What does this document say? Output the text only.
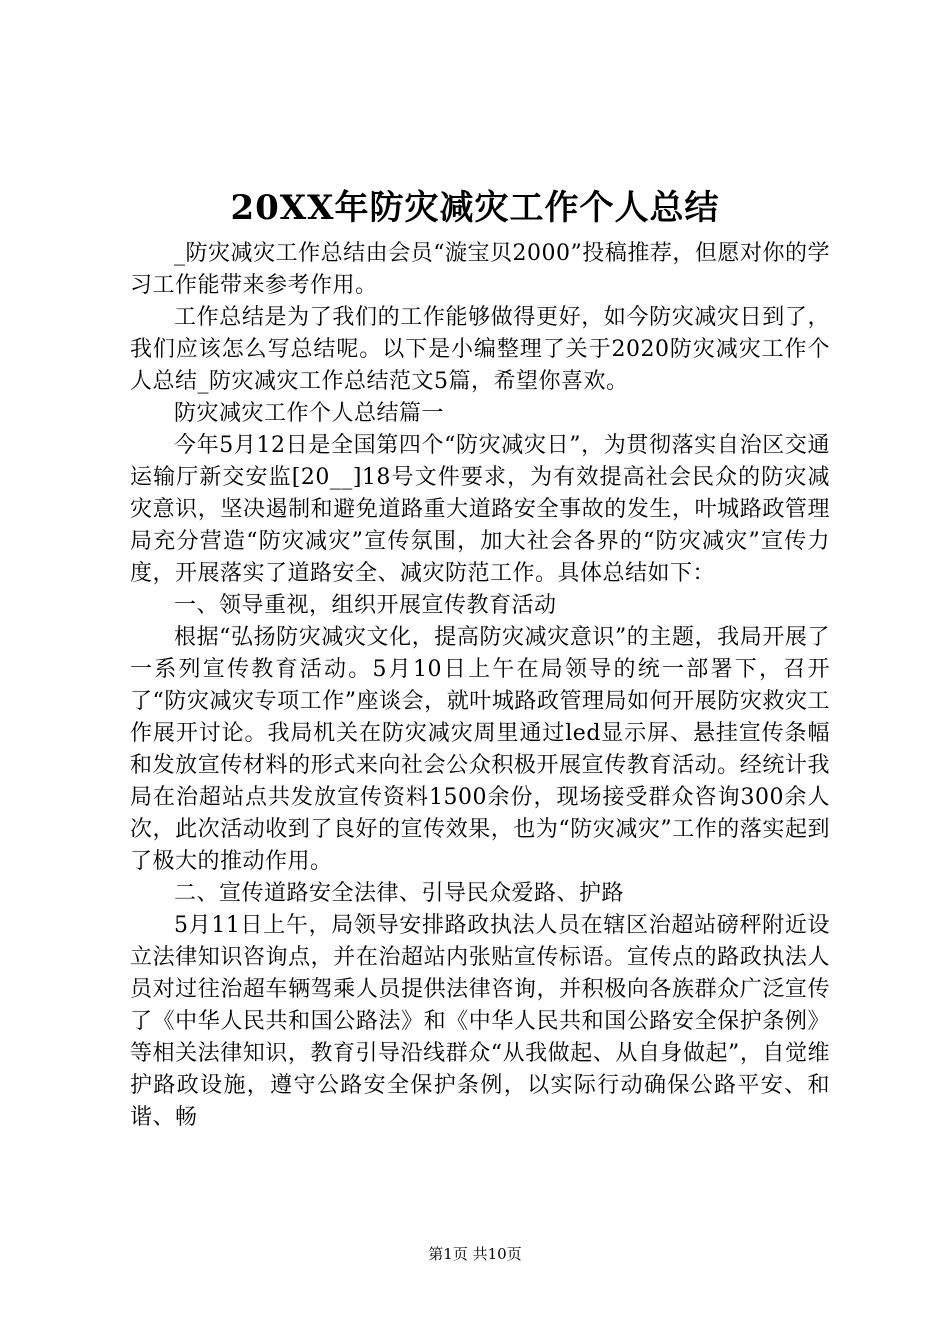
20XX年防灾减灾工作个人总结

_防灾减灾工作总结由会员“漩宝贝2000”投稿推荐，但愿对你的学习工作能带来参考作用。

工作总结是为了我们的工作能够做得更好，如今防灾减灾日到了，我们应该怎么写总结呢。以下是小编整理了关于2020防灾减灾工作个人总结_防灾减灾工作总结范文5篇，希望你喜欢。

防灾减灾工作个人总结篇一

今年5月12日是全国第四个“防灾减灾日”，为贯彻落实自治区交通运输厅新交安监[20__]18号文件要求，为有效提高社会民众的防灾减灾意识，坚决遏制和避免道路重大道路安全事故的发生，叶城路政管理局充分营造“防灾减灾”宣传氛围，加大社会各界的“防灾减灾”宣传力度，开展落实了道路安全、减灾防范工作。具体总结如下：

一、领导重视，组织开展宣传教育活动

根据“弘扬防灾减灾文化，提高防灾减灾意识”的主题，我局开展了一系列宣传教育活动。5月10日上午在局领导的统一部署下，召开了“防灾减灾专项工作”座谈会，就叶城路政管理局如何开展防灾救灾工作展开讨论。我局机关在防灾减灾周里通过led显示屏、悬挂宣传条幅和发放宣传材料的形式来向社会公众积极开展宣传教育活动。经统计我局在治超站点共发放宣传资料1500余份，现场接受群众咨询300余人次，此次活动收到了良好的宣传效果，也为“防灾减灾”工作的落实起到了极大的推动作用。

二、宣传道路安全法律、引导民众爱路、护路

5月11日上午，局领导安排路政执法人员在辖区治超站磅秤附近设立法律知识咨询点，并在治超站内张贴宣传标语。宣传点的路政执法人员对过往治超车辆驾乘人员提供法律咨询，并积极向各族群众广泛宣传了《中华人民共和国公路法》和《中华人民共和国公路安全保护条例》等相关法律知识，教育引导沿线群众“从我做起、从自身做起”，自觉维护路政设施，遵守公路安全保护条例，以实际行动确保公路平安、和谐、畅

第1页 共10页
